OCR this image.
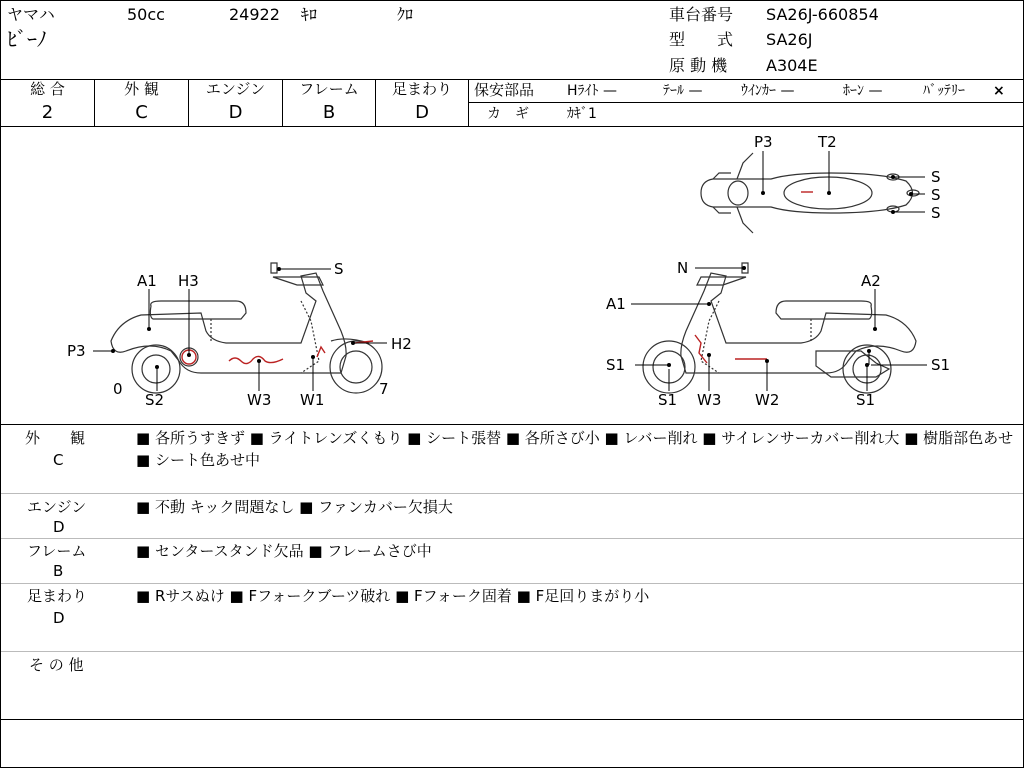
ヤマハ	50cc	24922 ｷﾛ	ｸﾛ
ﾋﾞｰﾉ
車台番号 SA26J-660854
型　　式 SA26J
原 動 機 A304E
総 合
2
外 観
C
エンジン
D
フレーム
B
足まわり
D
保安部品 Hﾗｲﾄ —	ﾃｰﾙ —	ｳｲﾝｶｰ —	ﾎｰﾝ —	ﾊﾞｯﾃﾘｰ ×
カ　ギ	ｶｷﾞ1
P3	T2
S
S
S
A1 H3
S
P3	H2
0
S2	W3 W1
7
N
A2
A1
S1	S1
S1 W3 W2	S1
外　　観
C
■ 各所うすきず ■ ライトレンズくもり ■ シート張替 ■ 各所さび小 ■ レバー削れ ■ サイレンサーカバー削れ大 ■ 樹脂部色あせ ■ シート色あせ中
エンジン
D
■ 不動 キック問題なし ■ ファンカバー欠損大
フレーム
B
■ センタースタンド欠品 ■ フレームさび中
足まわり
D
■ Rサスぬけ ■ Fフォークブーツ破れ ■ Fフォーク固着 ■ F足回りまがり小
そ の 他
